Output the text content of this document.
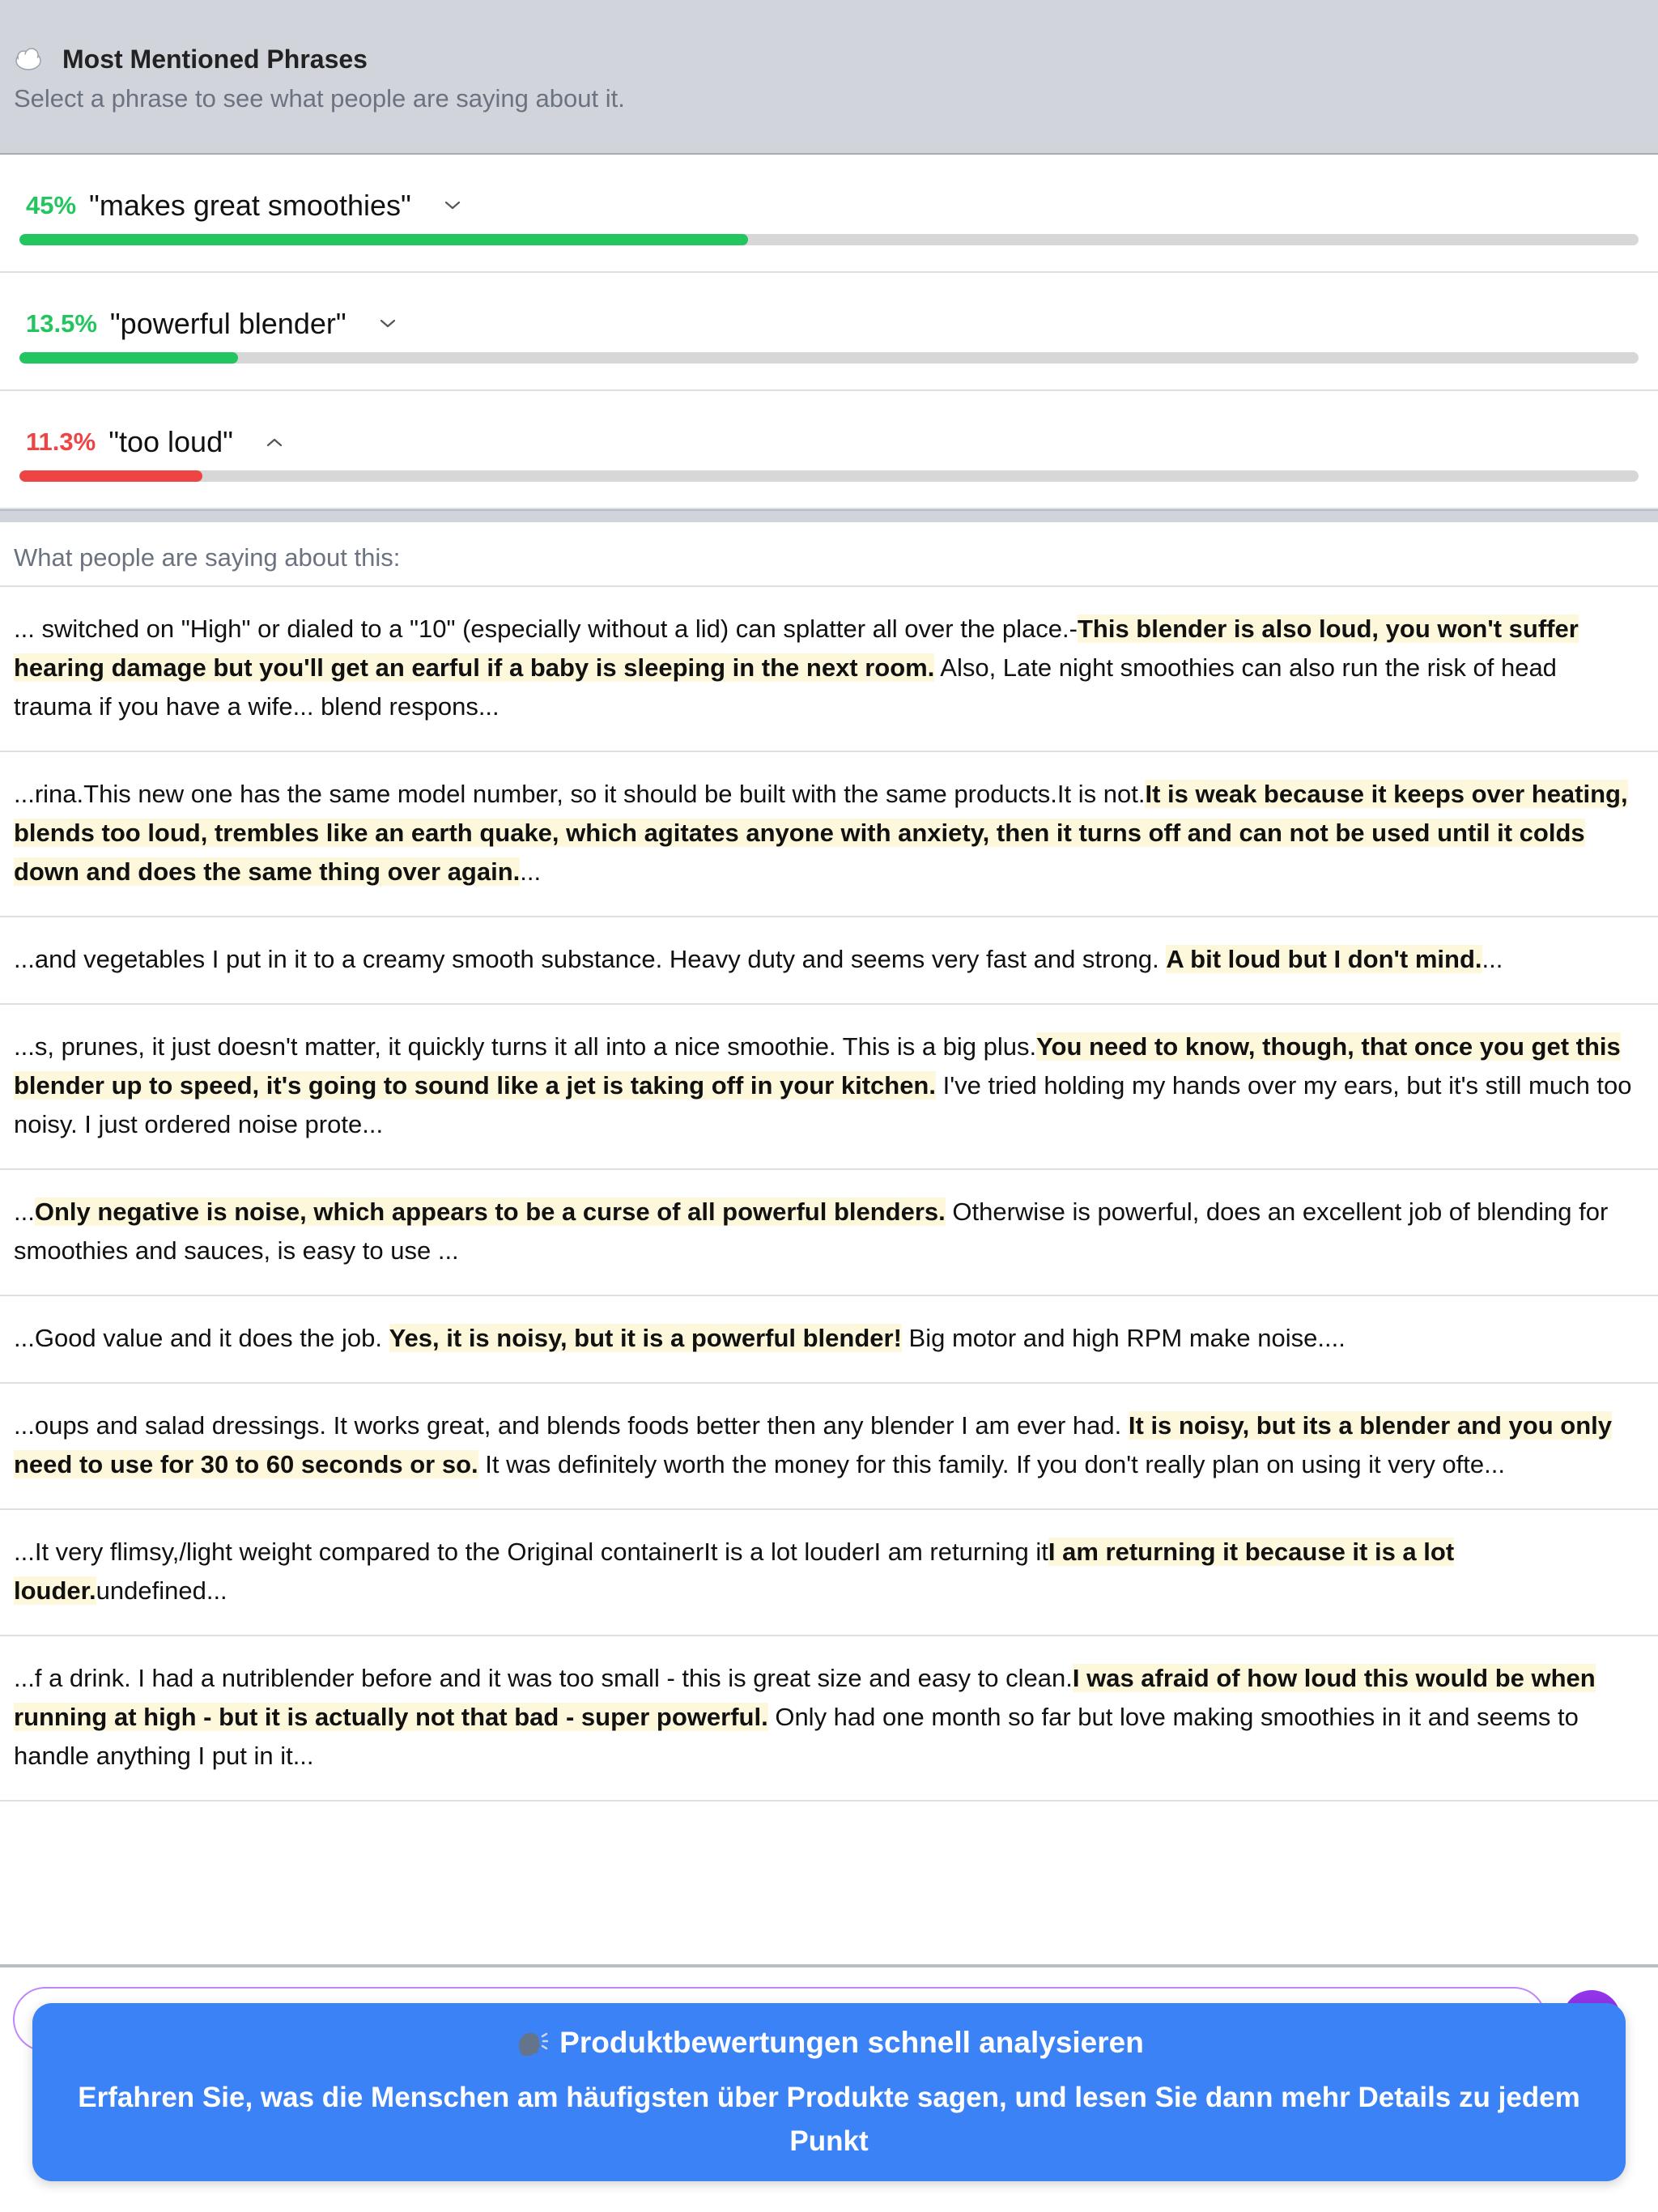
Most Mentioned Phrases
Select a phrase to see what people are saying about it.
45% "makes great smoothies"
13.5% "powerful blender"
11.3% "too loud"
What people are saying about this:
... switched on "High" or dialed to a "10" (especially without a lid) can splatter all over the place.-This blender is also loud, you won't suffer hearing damage but you'll get an earful if a baby is sleeping in the next room. Also, Late night smoothies can also run the risk of head trauma if you have a wife... blend respons...
...rina.This new one has the same model number, so it should be built with the same products.It is not.It is weak because it keeps over heating, blends too loud, trembles like an earth quake, which agitates anyone with anxiety, then it turns off and can not be used until it colds down and does the same thing over again....
...and vegetables I put in it to a creamy smooth substance. Heavy duty and seems very fast and strong. A bit loud but I don't mind....
...s, prunes, it just doesn't matter, it quickly turns it all into a nice smoothie. This is a big plus.You need to know, though, that once you get this blender up to speed, it's going to sound like a jet is taking off in your kitchen. I've tried holding my hands over my ears, but it's still much too noisy. I just ordered noise prote...
...Only negative is noise, which appears to be a curse of all powerful blenders. Otherwise is powerful, does an excellent job of blending for smoothies and sauces, is easy to use ...
...Good value and it does the job. Yes, it is noisy, but it is a powerful blender! Big motor and high RPM make noise....
...oups and salad dressings. It works great, and blends foods better then any blender I am ever had. It is noisy, but its a blender and you only need to use for 30 to 60 seconds or so. It was definitely worth the money for this family. If you don't really plan on using it very ofte...
...It very flimsy,/light weight compared to the Original containerIt is a lot louderI am returning itI am returning it because it is a lot louder.undefined...
...f a drink. I had a nutriblender before and it was too small - this is great size and easy to clean.I was afraid of how loud this would be when running at high - but it is actually not that bad - super powerful. Only had one month so far but love making smoothies in it and seems to handle anything I put in it...
Produktbewertungen schnell analysieren
Erfahren Sie, was die Menschen am häufigsten über Produkte sagen, und lesen Sie dann mehr Details zu jedem Punkt
